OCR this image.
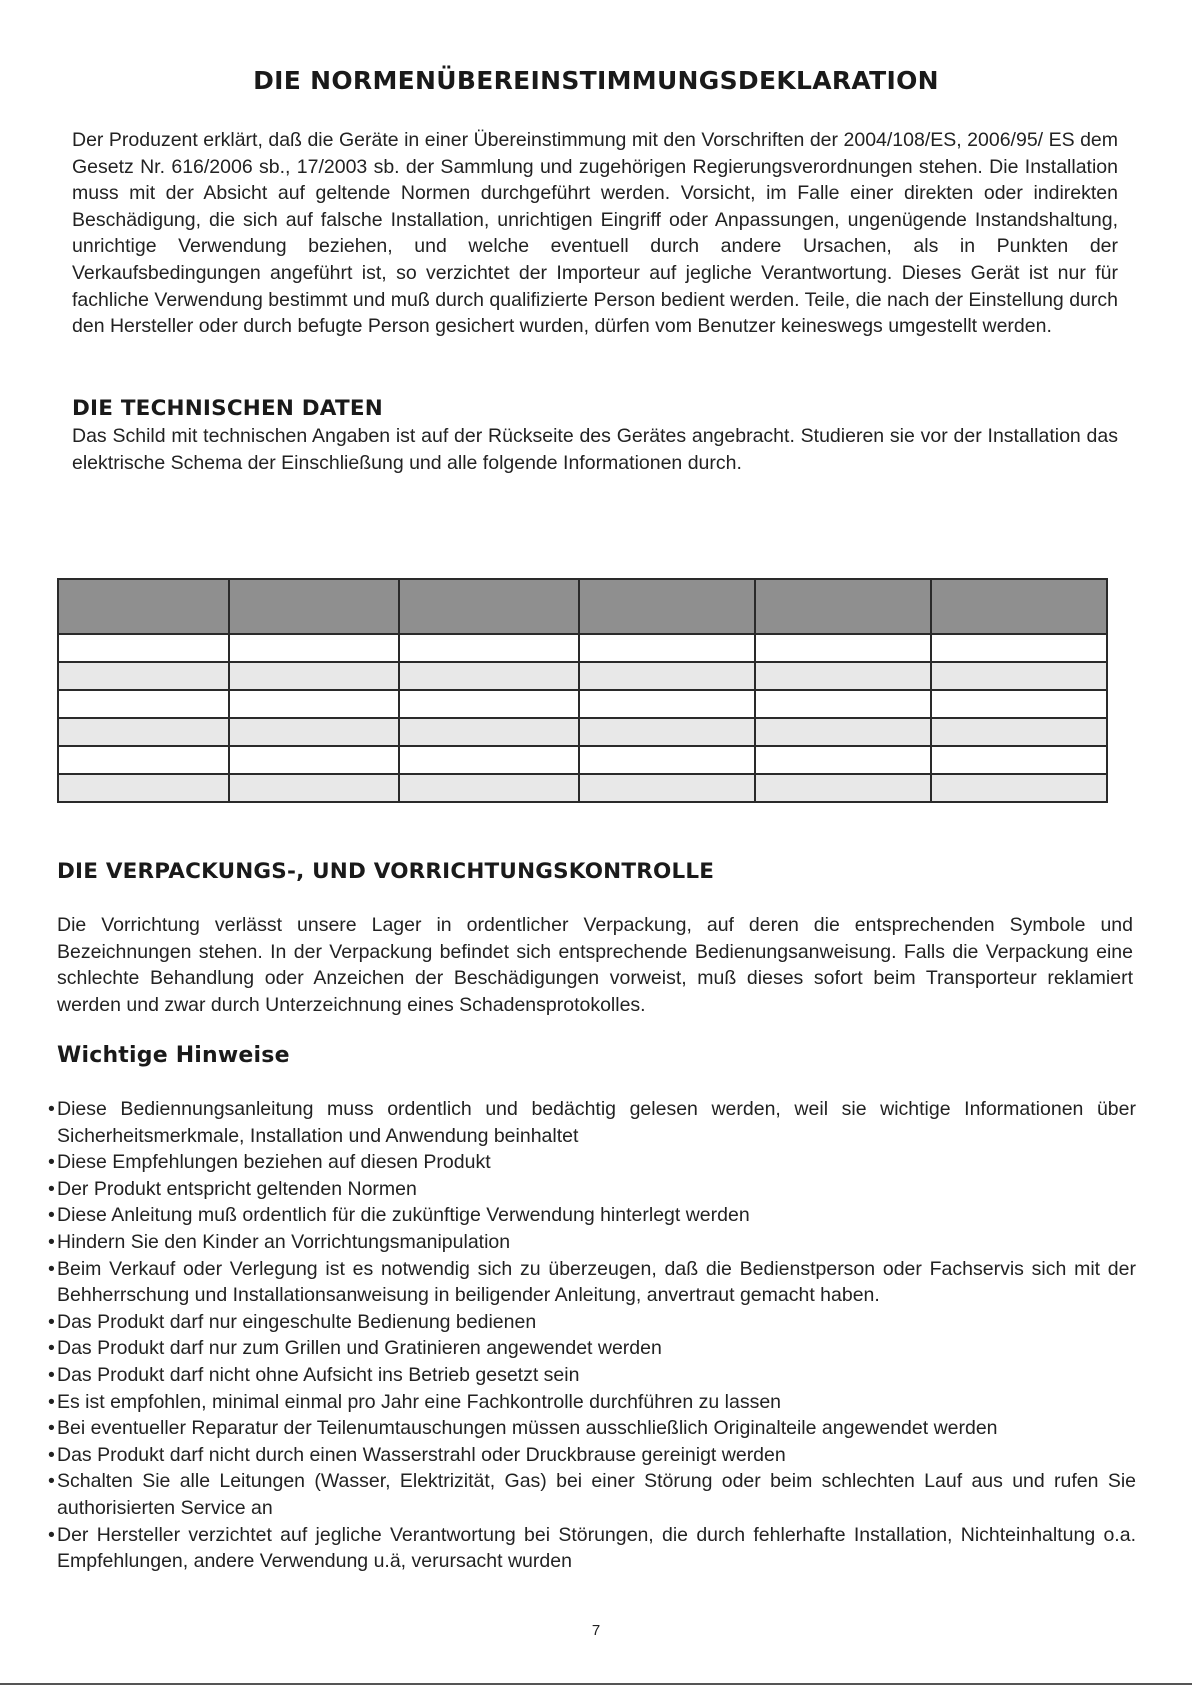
DIE NORMENÜBEREINSTIMMUNGSDEKLARATION

Der Produzent erklärt, daß die Geräte in einer Übereinstimmung mit den Vorschriften der 2004/108/ES, 2006/95/ ES dem Gesetz Nr. 616/2006 sb., 17/2003 sb. der Sammlung und zugehörigen Regierungsverordnungen stehen. Die Installation muss mit der Absicht auf geltende Normen durchgeführt werden. Vorsicht, im Falle einer direkten oder indirekten Beschädigung, die sich auf falsche Installation, unrichtigen Eingriff oder Anpassungen, ungenügende Instandshaltung, unrichtige Verwendung beziehen, und welche eventuell durch andere Ursachen, als in Punkten der Verkaufsbedingungen angeführt ist, so verzichtet der Importeur auf jegliche Verantwortung. Dieses Gerät ist nur für fachliche Verwendung bestimmt und muß durch qualifizierte Person bedient werden. Teile, die nach der Einstellung durch den Hersteller oder durch befugte Person gesichert wurden, dürfen vom Benutzer keineswegs umgestellt werden.

DIE TECHNISCHEN DATEN

Das Schild mit technischen Angaben ist auf der Rückseite des Gerätes angebracht. Studieren sie vor der Installation das elektrische Schema der Einschließung und alle folgende Informationen durch.

DIE VERPACKUNGS-, UND VORRICHTUNGSKONTROLLE

Die Vorrichtung verlässt unsere Lager in ordentlicher Verpackung, auf deren die entsprechenden Symbole und Bezeichnungen stehen. In der Verpackung befindet sich entsprechende Bedienungsanweisung. Falls die Verpackung eine schlechte Behandlung oder Anzeichen der Beschädigungen vorweist, muß dieses sofort beim Transporteur reklamiert werden und zwar durch Unterzeichnung eines Schadensprotokolles.

Wichtige Hinweise
• Diese Bediennungsanleitung muss ordentlich und bedächtig gelesen werden, weil sie wichtige Informationen über Sicherheitsmerkmale, Installation und Anwendung beinhaltet
• Diese Empfehlungen beziehen auf diesen Produkt
• Der Produkt entspricht geltenden Normen
• Diese Anleitung muß ordentlich für die zukünftige Verwendung hinterlegt werden
• Hindern Sie den Kinder an Vorrichtungsmanipulation
• Beim Verkauf oder Verlegung ist es notwendig sich zu überzeugen, daß die Bedienstperson oder Fachservis sich mit der Behherrschung und Installationsanweisung in beiligender Anleitung, anvertraut gemacht haben.
• Das Produkt darf nur eingeschulte Bedienung bedienen
• Das Produkt darf nur zum Grillen und Gratinieren angewendet werden
• Das Produkt darf nicht ohne Aufsicht ins Betrieb gesetzt sein
• Es ist empfohlen, minimal einmal pro Jahr eine Fachkontrolle durchführen zu lassen
• Bei eventueller Reparatur der Teilenumtauschungen müssen ausschließlich Originalteile angewendet werden
• Das Produkt darf nicht durch einen Wasserstrahl oder Druckbrause gereinigt werden
• Schalten Sie alle Leitungen (Wasser, Elektrizität, Gas) bei einer Störung oder beim schlechten Lauf aus und rufen Sie authorisierten Service an
• Der Hersteller verzichtet auf jegliche Verantwortung bei Störungen, die durch fehlerhafte Installation, Nichteinhaltung o.a. Empfehlungen, andere Verwendung u.ä, verursacht wurden
7
